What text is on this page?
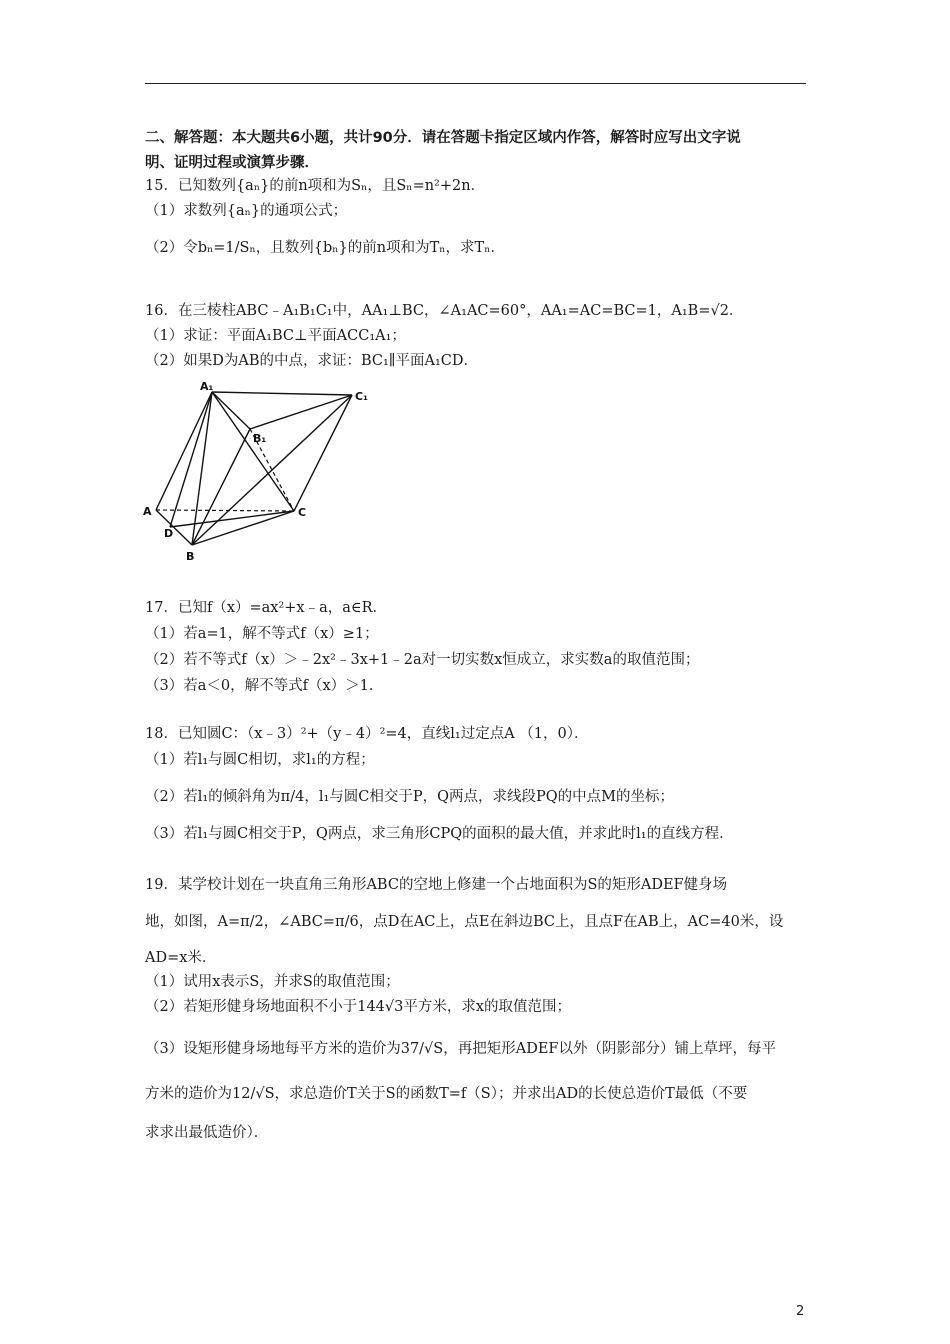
二、解答题：本大题共6小题，共计90分．请在答题卡指定区域内作答，解答时应写出文字说
明、证明过程或演算步骤．
15．已知数列{aₙ}的前n项和为Sₙ，且Sₙ=n²+2n．
（1）求数列{aₙ}的通项公式；
（2）令bₙ=1/Sₙ，且数列{bₙ}的前n项和为Tₙ，求Tₙ．
16．在三棱柱ABC﹣A₁B₁C₁中，AA₁⊥BC，∠A₁AC=60°，AA₁=AC=BC=1，A₁B=√2．
（1）求证：平面A₁BC⊥平面ACC₁A₁；
（2）如果D为AB的中点，求证：BC₁∥平面A₁CD．
A₁
C₁
B₁
A	C
D
B
17．已知f（x）=ax²+x﹣a，a∈R．
（1）若a=1，解不等式f（x）≥1；
（2）若不等式f（x）＞﹣2x²﹣3x+1﹣2a对一切实数x恒成立，求实数a的取值范围；
（3）若a＜0，解不等式f（x）＞1．
18．已知圆C：（x﹣3）²+（y﹣4）²=4，直线l₁过定点A （1，0）．
（1）若l₁与圆C相切，求l₁的方程；
（2）若l₁的倾斜角为π/4，l₁与圆C相交于P，Q两点，求线段PQ的中点M的坐标；
（3）若l₁与圆C相交于P，Q两点，求三角形CPQ的面积的最大值，并求此时l₁的直线方程．
19．某学校计划在一块直角三角形ABC的空地上修建一个占地面积为S的矩形ADEF健身场
地，如图，A=π/2，∠ABC=π/6，点D在AC上，点E在斜边BC上，且点F在AB上，AC=40米，设
AD=x米．
（1）试用x表示S，并求S的取值范围；
（2）若矩形健身场地面积不小于144√3平方米，求x的取值范围；
（3）设矩形健身场地每平方米的造价为37/√S，再把矩形ADEF以外（阴影部分）铺上草坪，每平
方米的造价为12/√S，求总造价T关于S的函数T=f（S）；并求出AD的长使总造价T最低（不要
求求出最低造价）．
2
